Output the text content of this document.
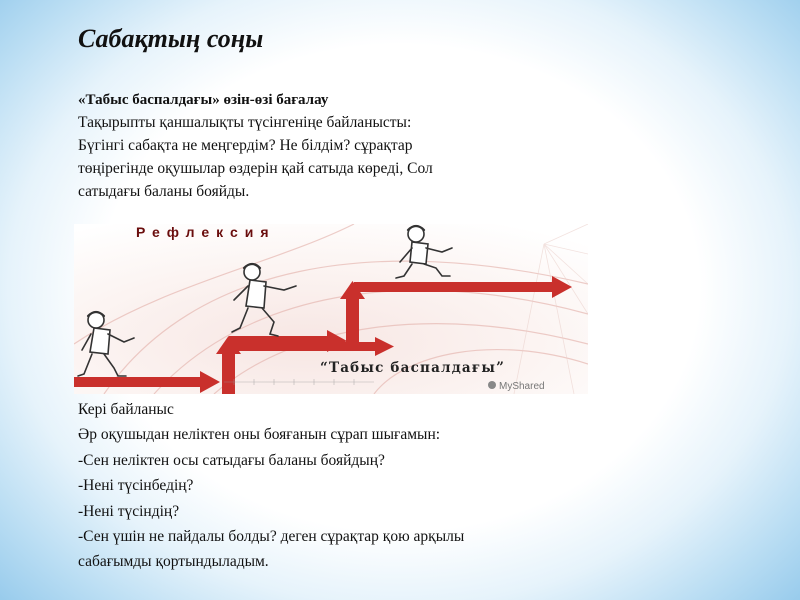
Сабақтың соңы
«Табыс баспалдағы» өзін-өзі бағалау
Тақырыпты қаншалықты түсінгеніңе байланысты:
Бүгінгі сабақта не меңгердім? Не білдім? сұрақтар
төңірегінде оқушылар өздерін қай сатыда көреді, Сол
сатыдағы баланы бояйды.
Рефлексия
“Табыс баспалдағы”
MyShared
Кері байланыс
Әр оқушыдан неліктен оны бояғанын сұрап шығамын:
-Сен неліктен осы сатыдағы баланы бояйдың?
-Нені түсінбедің?
-Нені түсіндің?
-Сен үшін не пайдалы болды? деген сұрақтар қою арқылы
сабағымды қортындыладым.
